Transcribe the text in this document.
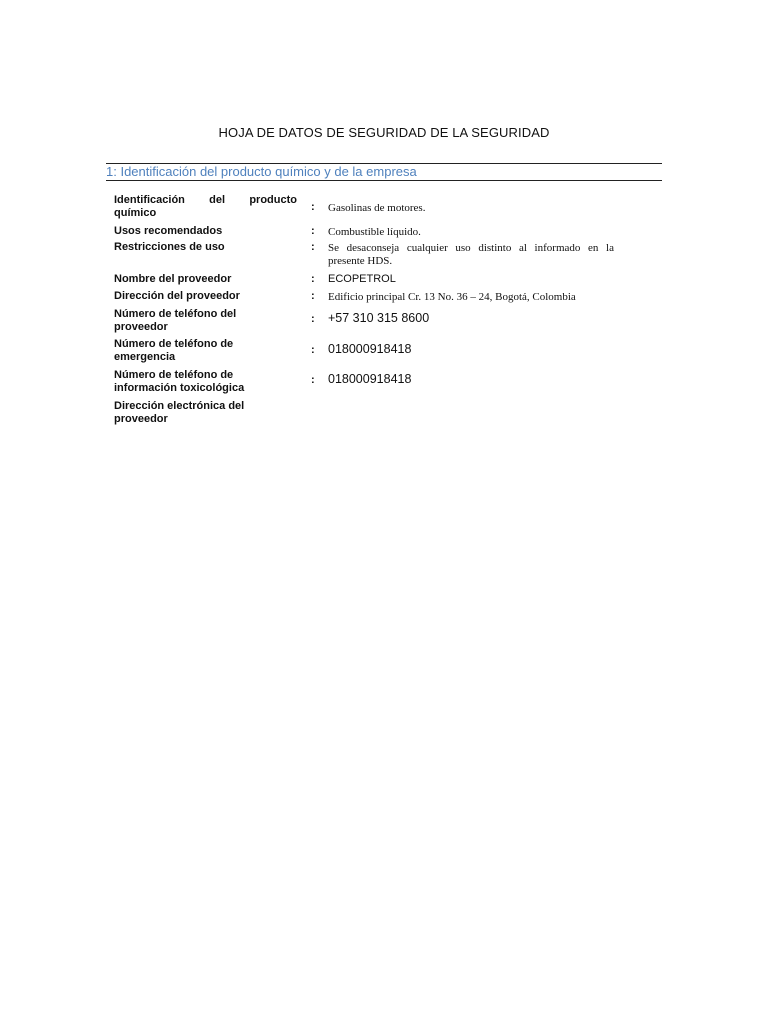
HOJA DE DATOS DE SEGURIDAD DE LA SEGURIDAD
1: Identificación del producto químico y de la empresa
Identificación del producto
químico	: Gasolinas de motores.
Usos recomendados	: Combustible líquido.
Restricciones de uso	: Se desaconseja cualquier uso distinto al informado en la presente HDS.
Nombre del proveedor	: ECOPETROL
Dirección del proveedor	: Edificio principal Cr. 13 No. 36 – 24, Bogotá, Colombia
Número de teléfono del proveedor
: +57 310 315 8600
Número de teléfono de emergencia
: 018000918418
Número de teléfono de información toxicológica
: 018000918418
Dirección electrónica del proveedor
